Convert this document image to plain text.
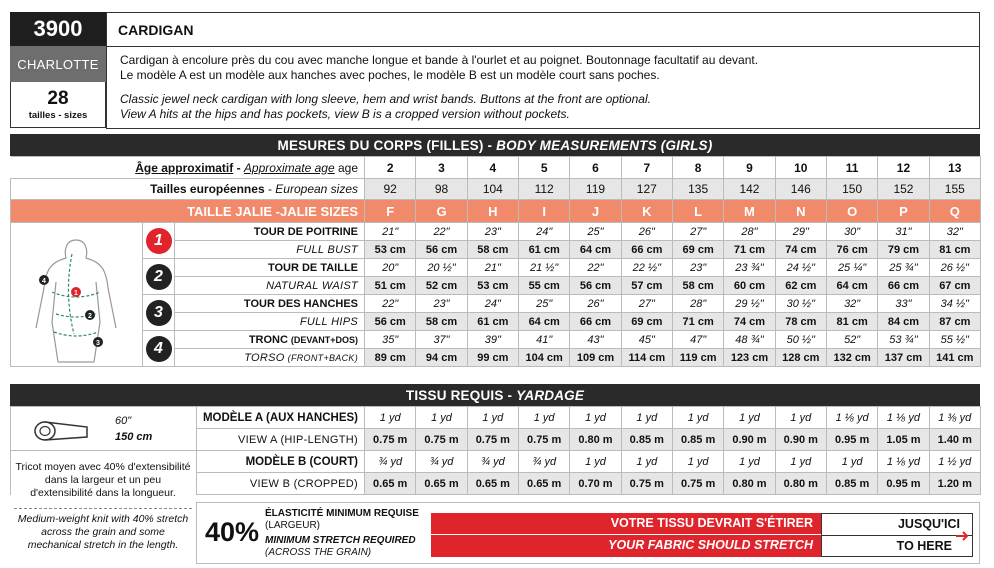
3900
CHARLOTTE
28
tailles - sizes
CARDIGAN
Cardigan à encolure près du cou avec manche longue et bande à l'ourlet et au poignet. Boutonnage facultatif au devant.
Le modèle A est un modèle aux hanches avec poches, le modèle B est un modèle court sans poches.
Classic jewel neck cardigan with long sleeve, hem and wrist bands. Buttons at the front are optional.
View A hits at the hips and has pockets, view B is a cropped version without pockets.
MESURES DU CORPS (FILLES) -
BODY MEASUREMENTS (GIRLS)
Âge approximatif - Approximate age age			2	3	4	5	6	7	8	9	10	11	12	13
Tailles européennes - European sizes			92	98	104	112	119	127	135	142	146	150	152	155
TAILLE JALIE -JALIE SIZES			F	G	H	I	J	K	L	M	N	O	P	Q
	1	TOUR DE POITRINE	21"	22"	23"	24"	25"	26"	27"	28"	29"	30"	31"	32"
		FULL BUST	53 cm	56 cm	58 cm	61 cm	64 cm	66 cm	69 cm	71 cm	74 cm	76 cm	79 cm	81 cm
	2	TOUR DE TAILLE	20"	20 ½"	21"	21 ½"	22"	22 ½"	23"	23 ¾"	24 ½"	25 ¼"	25 ¾"	26 ½"
		NATURAL WAIST	51 cm	52 cm	53 cm	55 cm	56 cm	57 cm	58 cm	60 cm	62 cm	64 cm	66 cm	67 cm
	3	TOUR DES HANCHES	22"	23"	24"	25"	26"	27"	28"	29 ½"	30 ½"	32"	33"	34 ½"
		FULL HIPS	56 cm	58 cm	61 cm	64 cm	66 cm	69 cm	71 cm	74 cm	78 cm	81 cm	84 cm	87 cm
	4	TRONC (DEVANT+DOS)	35"	37"	39"	41"	43"	45"	47"	48 ¾"	50 ½"	52"	53 ¾"	55 ½"
		TORSO (FRONT+BACK)	89 cm	94 cm	99 cm	104 cm	109 cm	114 cm	119 cm	123 cm	128 cm	132 cm	137 cm	141 cm
4
1
2
3
TISSU REQUIS -
YARDAGE
60"
150 cm	MODÈLE A (AUX HANCHES)	1 yd	1 yd	1 yd	1 yd	1 yd	1 yd	1 yd	1 yd	1 yd	1 ⅛ yd	1 ⅛ yd	1 ⅜ yd
	VIEW A (HIP-LENGTH)	0.75 m	0.75 m	0.75 m	0.75 m	0.80 m	0.85 m	0.85 m	0.90 m	0.90 m	0.95 m	1.05 m	1.40 m
	MODÈLE B (COURT)	¾ yd	¾ yd	¾ yd	¾ yd	1 yd	1 yd	1 yd	1 yd	1 yd	1 yd	1 ⅛ yd	1 ½ yd
	VIEW B (CROPPED)	0.65 m	0.65 m	0.65 m	0.65 m	0.70 m	0.75 m	0.75 m	0.80 m	0.80 m	0.85 m	0.95 m	1.20 m
Tricot moyen avec 40% d'extensibilité dans la largeur et un peu d'extensibilité dans la longueur.
Medium-weight knit with 40% stretch across the grain and some mechanical stretch in the length. 40%
ÉLASTICITÉ MINIMUM REQUISE
(LARGEUR)
MINIMUM STRETCH REQUIRED
(ACROSS THE GRAIN)
VOTRE TISSU DEVRAIT S'ÉTIRER
YOUR FABRIC SHOULD STRETCH
JUSQU'ICI
TO HERE
